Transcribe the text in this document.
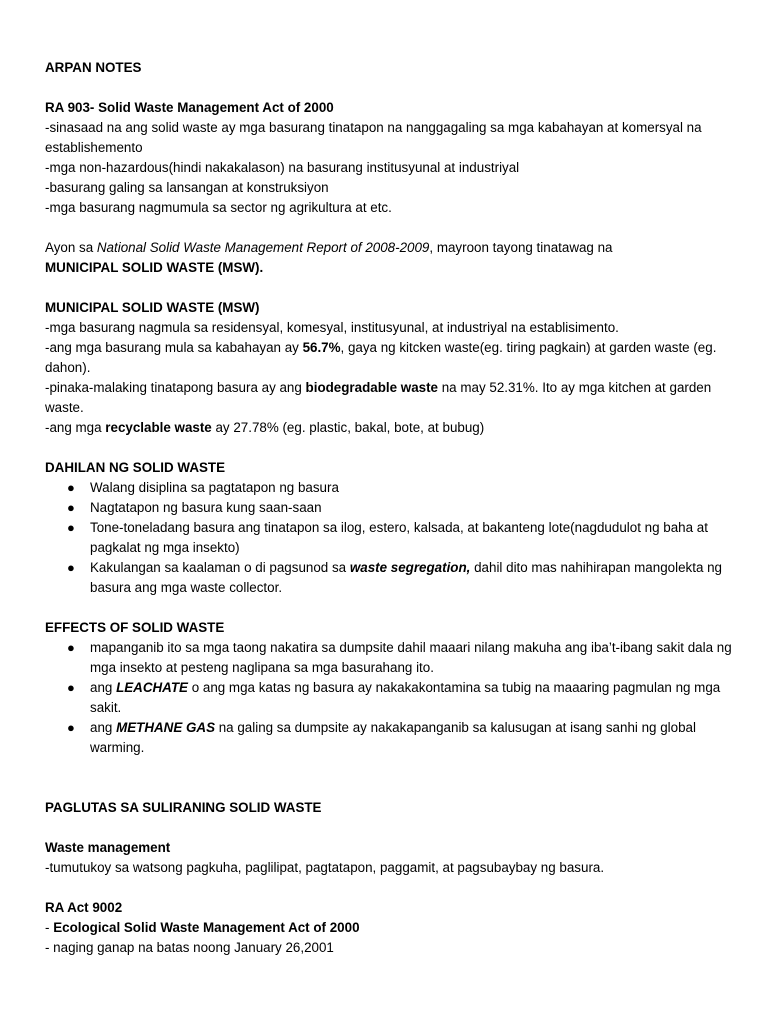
ARPAN NOTES
RA 903- Solid Waste Management Act of 2000

-sinasaad na ang solid waste ay mga basurang tinatapon na nanggagaling sa mga kabahayan at komersyal na establishemento

-mga non-hazardous(hindi nakakalason) na basurang institusyunal at industriyal

-basurang galing sa lansangan at konstruksiyon

-mga basurang nagmumula sa sector ng agrikultura at etc.

Ayon sa National Solid Waste Management Report of 2008-2009, mayroon tayong tinatawag na
MUNICIPAL SOLID WASTE (MSW).

MUNICIPAL SOLID WASTE (MSW)

-mga basurang nagmula sa residensyal, komesyal, institusyunal, at industriyal na establisimento.

-ang mga basurang mula sa kabahayan ay 56.7%, gaya ng kitcken waste(eg. tiring pagkain) at garden waste (eg. dahon).

-pinaka-malaking tinatapong basura ay ang biodegradable waste na may 52.31%. Ito ay mga kitchen at garden waste.

-ang mga recyclable waste ay 27.78% (eg. plastic, bakal, bote, at bubug)

DAHILAN NG SOLID WASTE
● Walang disiplina sa pagtatapon ng basura
● Nagtatapon ng basura kung saan-saan
● Tone-toneladang basura ang tinatapon sa ilog, estero, kalsada, at bakanteng lote(nagdudulot ng baha at pagkalat ng mga insekto)
● Kakulangan sa kaalaman o di pagsunod sa waste segregation, dahil dito mas nahihirapan mangolekta ng basura ang mga waste collector.
EFFECTS OF SOLID WASTE
● mapanganib ito sa mga taong nakatira sa dumpsite dahil maaari nilang makuha ang iba’t-ibang sakit dala ng mga insekto at pesteng naglipana sa mga basurahang ito.
● ang LEACHATE o ang mga katas ng basura ay nakakakontamina sa tubig na maaaring pagmulan ng mga sakit.
● ang METHANE GAS na galing sa dumpsite ay nakakapanganib sa kalusugan at isang sanhi ng global warming.
PAGLUTAS SA SULIRANING SOLID WASTE
Waste management

-tumutukoy sa watsong pagkuha, paglilipat, pagtatapon, paggamit, at pagsubaybay ng basura.

RA Act 9002

- Ecological Solid Waste Management Act of 2000

- naging ganap na batas noong January 26,2001
